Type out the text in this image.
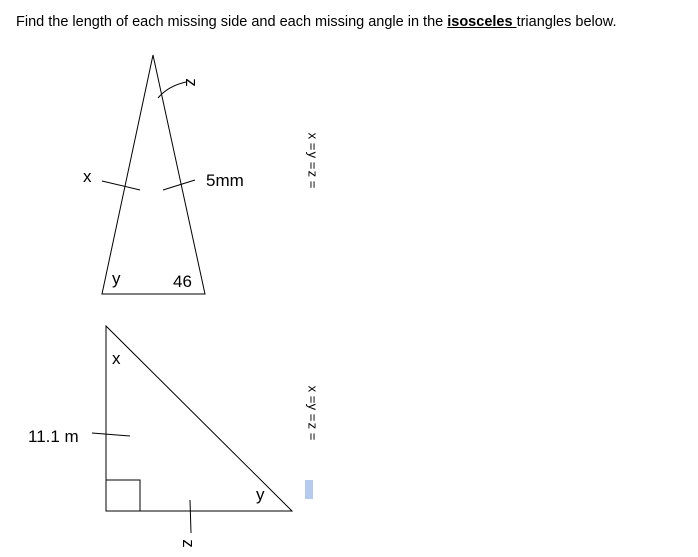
Find the length of each missing side and each missing angle in the isosceles triangles below.
z
x	5mm
y	46
x =
y =
z =
x
11.1 m
y
z
x =
y =
z =
